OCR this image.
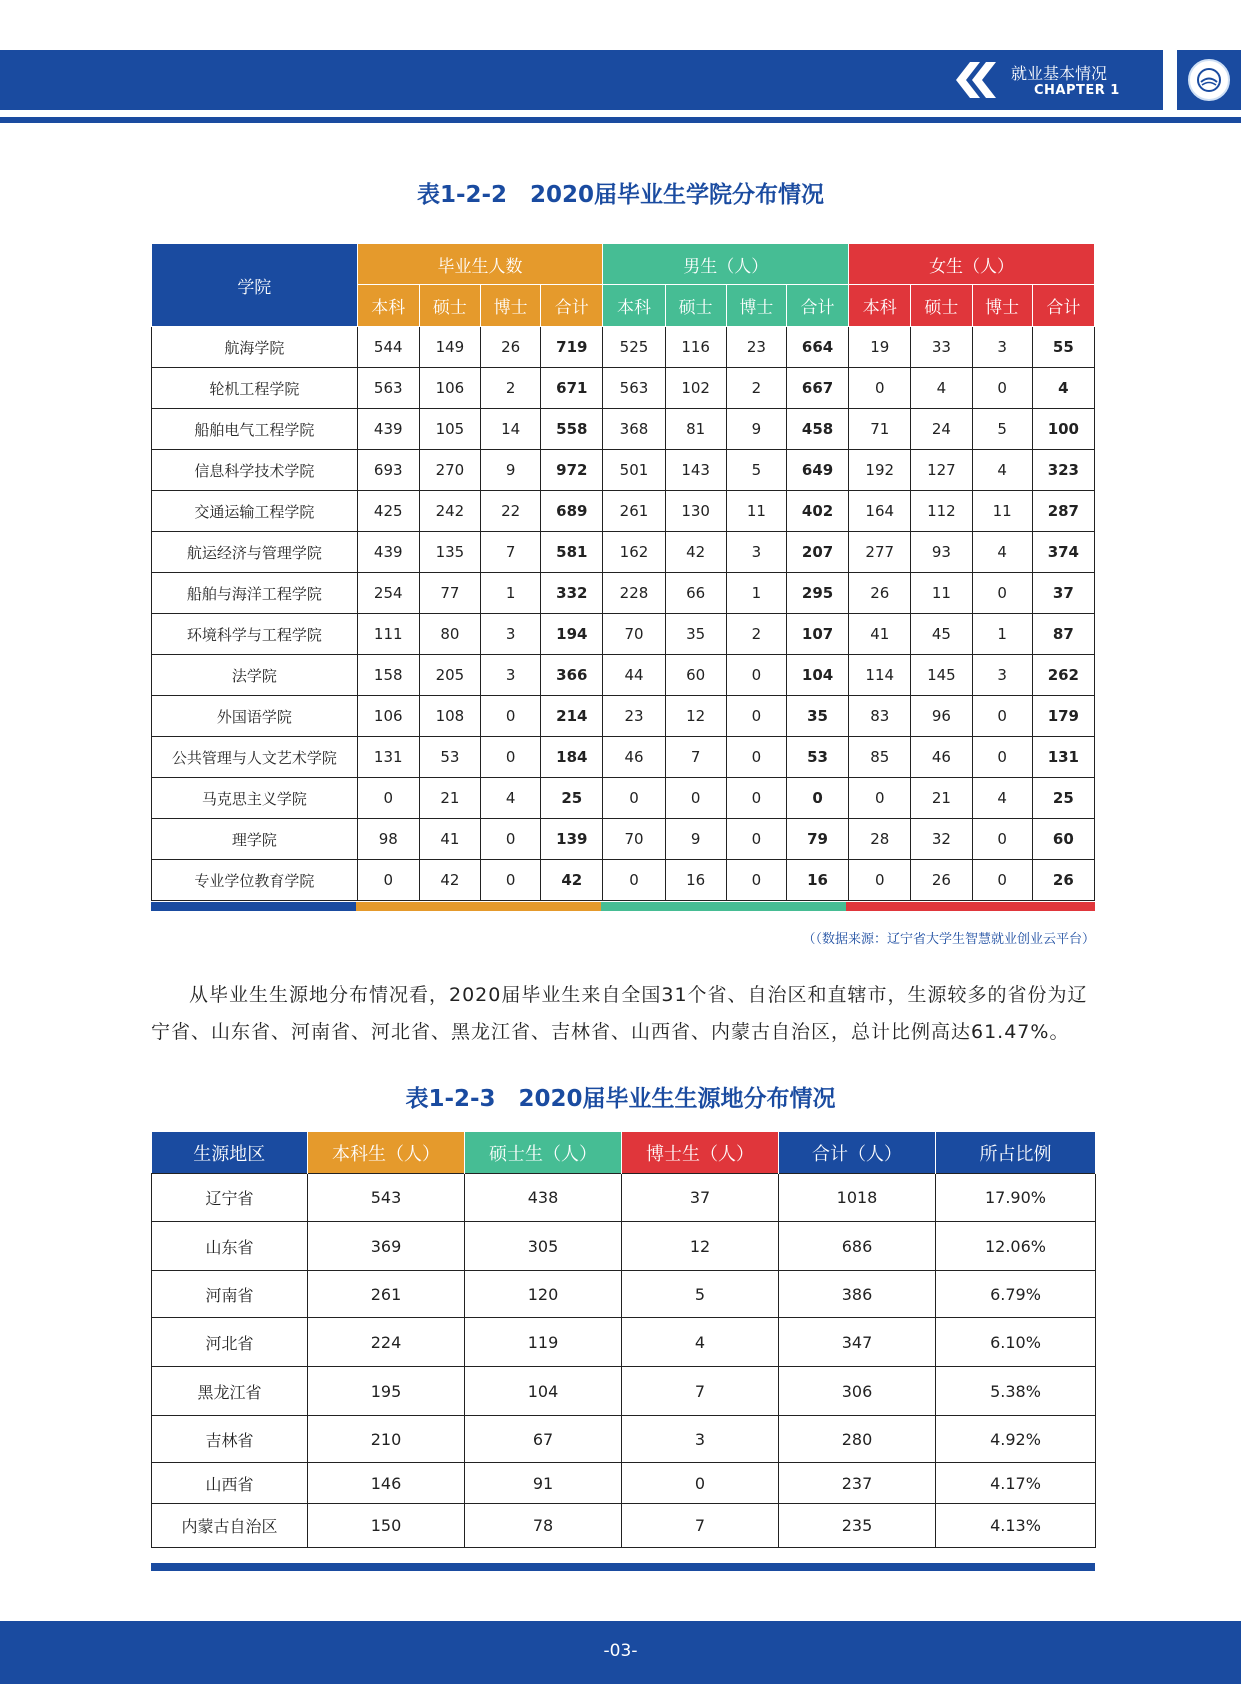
就业基本情况
CHAPTER 1
表1-2-2　2020届毕业生学院分布情况
学院	毕业生人数				男生（人）				女生（人）			
	本科	硕士	博士	合计	本科	硕士	博士	合计	本科	硕士	博士	合计
航海学院	544	149	26	719	525	116	23	664	19	33	3	55
轮机工程学院	563	106	2	671	563	102	2	667	0	4	0	4
船舶电气工程学院	439	105	14	558	368	81	9	458	71	24	5	100
信息科学技术学院	693	270	9	972	501	143	5	649	192	127	4	323
交通运输工程学院	425	242	22	689	261	130	11	402	164	112	11	287
航运经济与管理学院	439	135	7	581	162	42	3	207	277	93	4	374
船舶与海洋工程学院	254	77	1	332	228	66	1	295	26	11	0	37
环境科学与工程学院	111	80	3	194	70	35	2	107	41	45	1	87
法学院	158	205	3	366	44	60	0	104	114	145	3	262
外国语学院	106	108	0	214	23	12	0	35	83	96	0	179
公共管理与人文艺术学院	131	53	0	184	46	7	0	53	85	46	0	131
马克思主义学院	0	21	4	25	0	0	0	0	0	21	4	25
理学院	98	41	0	139	70	9	0	79	28	32	0	60
专业学位教育学院	0	42	0	42	0	16	0	16	0	26	0	26
（（数据来源：辽宁省大学生智慧就业创业云平台）
从毕业生生源地分布情况看，2020届毕业生来自全国31个省、自治区和直辖市，生源较多的省份为辽宁省、山东省、河南省、河北省、黑龙江省、吉林省、山西省、内蒙古自治区，总计比例高达61.47%。
表1-2-3　2020届毕业生生源地分布情况
生源地区	本科生（人）	硕士生（人）	博士生（人）	合计（人）	所占比例
辽宁省	543	438	37	1018	17.90%
山东省	369	305	12	686	12.06%
河南省	261	120	5	386	6.79%
河北省	224	119	4	347	6.10%
黑龙江省	195	104	7	306	5.38%
吉林省	210	67	3	280	4.92%
山西省	146	91	0	237	4.17%
内蒙古自治区	150	78	7	235	4.13%
-03-
